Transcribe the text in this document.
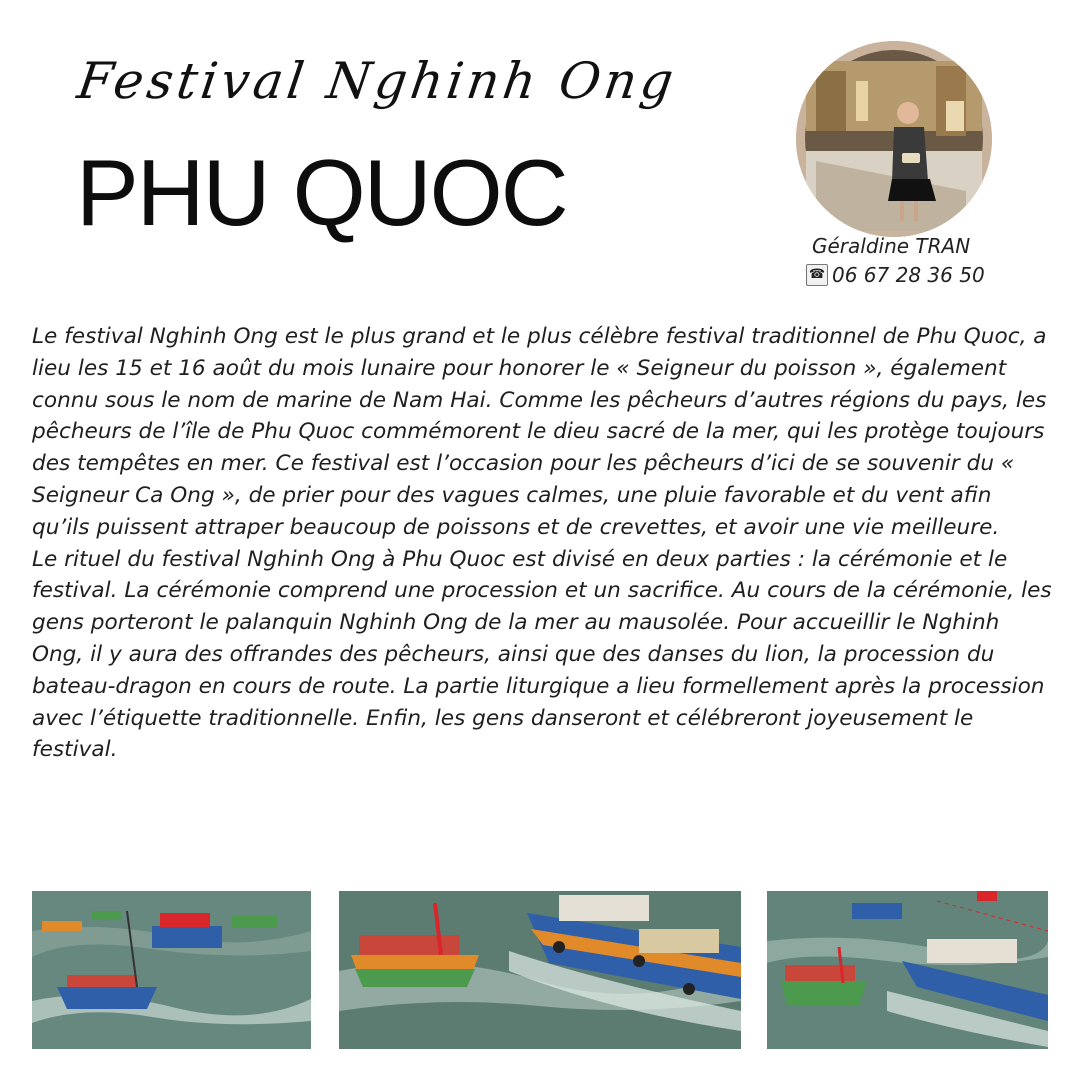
Festival Nghinh Ong
PHU QUOC
Géraldine TRAN
☎ 06 67 28 36 50

Le festival Nghinh Ong est le plus grand et le plus célèbre festival traditionnel de Phu Quoc, a lieu les 15 et 16 août du mois lunaire pour honorer le « Seigneur du poisson », également connu sous le nom de marine de Nam Hai. Comme les pêcheurs d’autres régions du pays, les pêcheurs de l’île de Phu Quoc commémorent le dieu sacré de la mer, qui les protège toujours des tempêtes en mer. Ce festival est l’occasion pour les pêcheurs d’ici de se souvenir du « Seigneur Ca Ong », de prier pour des vagues calmes, une pluie favorable et du vent afin qu’ils puissent attraper beaucoup de poissons et de crevettes, et avoir une vie meilleure.

Le rituel du festival Nghinh Ong à Phu Quoc est divisé en deux parties : la cérémonie et le festival. La cérémonie comprend une procession et un sacrifice. Au cours de la cérémonie, les gens porteront le palanquin Nghinh Ong de la mer au mausolée. Pour accueillir le Nghinh Ong, il y aura des offrandes des pêcheurs, ainsi que des danses du lion, la procession du bateau-dragon en cours de route. La partie liturgique a lieu formellement après la procession avec l’étiquette traditionnelle. Enfin, les gens danseront et célébreront joyeusement le festival.
